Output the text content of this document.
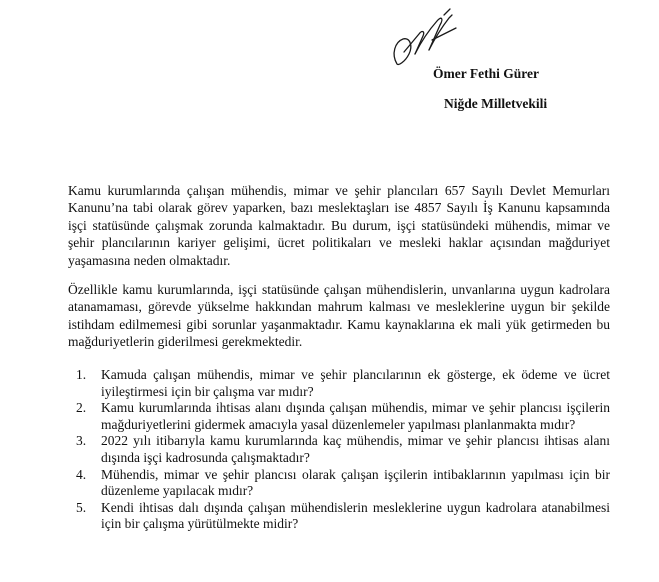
Ömer Fethi Gürer
Niğde Milletvekili

Kamu kurumlarında çalışan mühendis, mimar ve şehir plancıları 657 Sayılı Devlet Memurları Kanunu’na tabi olarak görev yaparken, bazı meslektaşları ise 4857 Sayılı İş Kanunu kapsamında işçi statüsünde çalışmak zorunda kalmaktadır. Bu durum, işçi statüsündeki mühendis, mimar ve şehir plancılarının kariyer gelişimi, ücret politikaları ve mesleki haklar açısından mağduriyet yaşamasına neden olmaktadır.

Özellikle kamu kurumlarında, işçi statüsünde çalışan mühendislerin, unvanlarına uygun kadrolara atanamaması, görevde yükselme hakkından mahrum kalması ve mesleklerine uygun bir şekilde istihdam edilmemesi gibi sorunlar yaşanmaktadır. Kamu kaynaklarına ek mali yük getirmeden bu mağduriyetlerin giderilmesi gerekmektedir.

1. Kamuda çalışan mühendis, mimar ve şehir plancılarının ek gösterge, ek ödeme ve ücret iyileştirmesi için bir çalışma var mıdır?
2. Kamu kurumlarında ihtisas alanı dışında çalışan mühendis, mimar ve şehir plancısı işçilerin mağduriyetlerini gidermek amacıyla yasal düzenlemeler yapılması planlanmakta mıdır?
3. 2022 yılı itibarıyla kamu kurumlarında kaç mühendis, mimar ve şehir plancısı ihtisas alanı dışında işçi kadrosunda çalışmaktadır?
4. Mühendis, mimar ve şehir plancısı olarak çalışan işçilerin intibaklarının yapılması için bir düzenleme yapılacak mıdır?
5. Kendi ihtisas dalı dışında çalışan mühendislerin mesleklerine uygun kadrolara atanabilmesi için bir çalışma yürütülmekte midir?
